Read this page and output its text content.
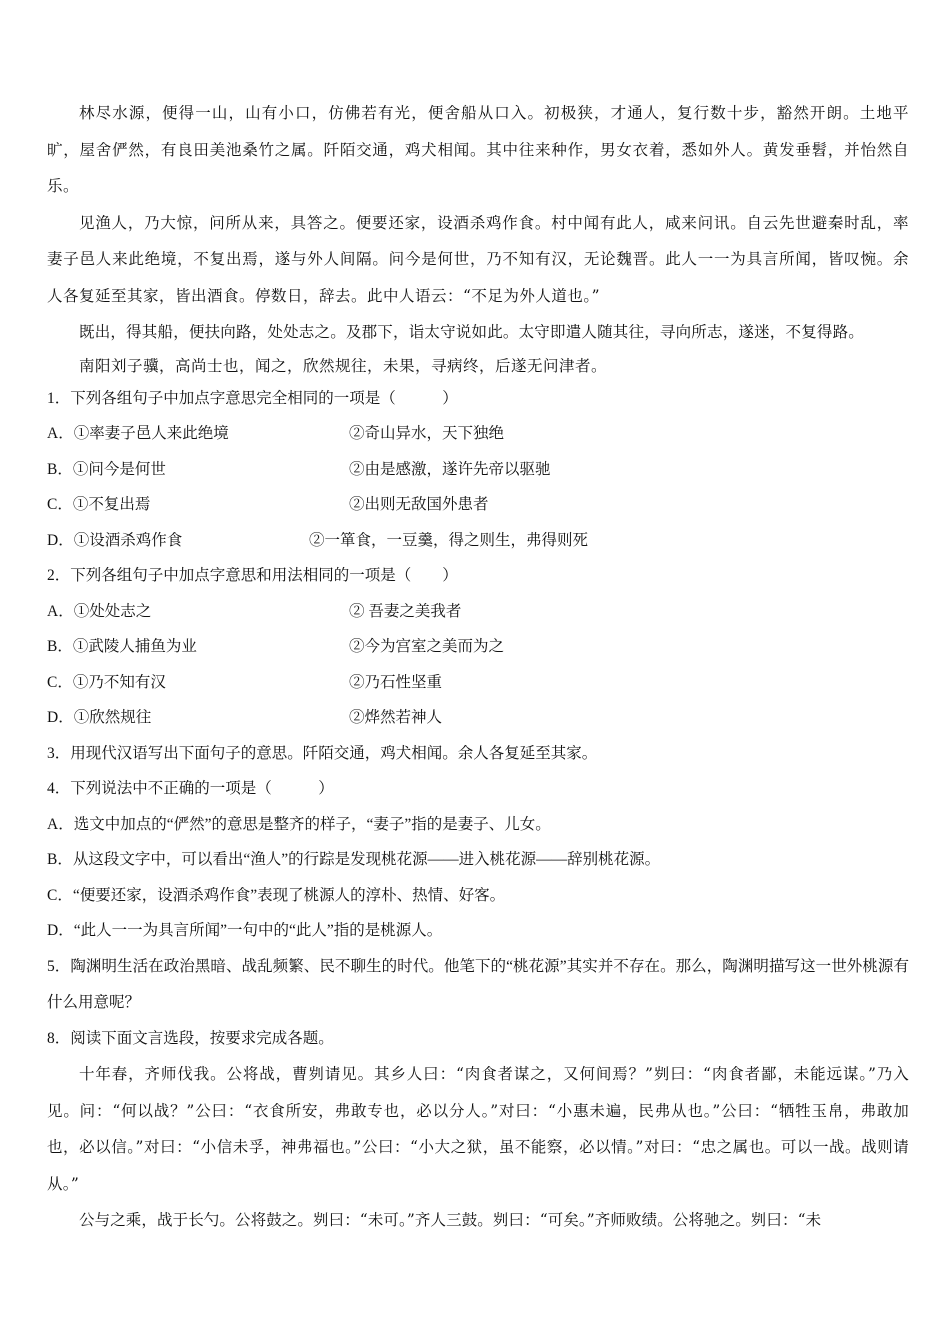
林尽水源，便得一山，山有小口，仿佛若有光，便舍船从口入。初极狭，才通人，复行数十步，豁然开朗。土地平旷，屋舍俨然，有良田美池桑竹之属。阡陌交通，鸡犬相闻。其中往来种作，男女衣着，悉如外人。黄发垂髫，并怡然自乐。

见渔人，乃大惊，问所从来，具答之。便要还家，设酒杀鸡作食。村中闻有此人，咸来问讯。自云先世避秦时乱，率妻子邑人来此绝境，不复出焉，遂与外人间隔。问今是何世，乃不知有汉，无论魏晋。此人一一为具言所闻，皆叹惋。余人各复延至其家，皆出酒食。停数日，辞去。此中人语云：“不足为外人道也。”

既出，得其船，便扶向路，处处志之。及郡下，诣太守说如此。太守即遣人随其往，寻向所志，遂迷，不复得路。

南阳刘子骥，高尚士也，闻之，欣然规往，未果，寻病终，后遂无问津者。

1．下列各组句子中加点字意思完全相同的一项是（　　　）
A．①率妻子邑人来此绝境	②奇山异水，天下独绝
B．①问今是何世	②由是感激，遂许先帝以驱驰
C．①不复出焉	②出则无敌国外患者
D．①设酒杀鸡作食	②一箪食，一豆羹，得之则生，弗得则死
2．下列各组句子中加点字意思和用法相同的一项是（　　）
A．①处处志之	② 吾妻之美我者
B．①武陵人捕鱼为业	②今为宫室之美而为之
C．①乃不知有汉	②乃石性坚重
D．①欣然规往	②烨然若神人
3．用现代汉语写出下面句子的意思。阡陌交通，鸡犬相闻。余人各复延至其家。
4．下列说法中不正确的一项是（　　　）
A．选文中加点的“俨然”的意思是整齐的样子，“妻子”指的是妻子、儿女。
B．从这段文字中，可以看出“渔人”的行踪是发现桃花源——进入桃花源——辞别桃花源。
C．“便要还家，设酒杀鸡作食”表现了桃源人的淳朴、热情、好客。
D．“此人一一为具言所闻”一句中的“此人”指的是桃源人。

5．陶渊明生活在政治黑暗、战乱频繁、民不聊生的时代。他笔下的“桃花源”其实并不存在。那么，陶渊明描写这一世外桃源有什么用意呢？

8．阅读下面文言选段，按要求完成各题。

十年春，齐师伐我。公将战，曹刿请见。其乡人曰：“肉食者谋之，又何间焉？”刿曰：“肉食者鄙，未能远谋。”乃入见。问：“何以战？”公曰：“衣食所安，弗敢专也，必以分人。”对曰：“小惠未遍，民弗从也。”公曰：“牺牲玉帛，弗敢加也，必以信。”对曰：“小信未孚，神弗福也。”公曰：“小大之狱，虽不能察，必以情。”对曰：“忠之属也。可以一战。战则请从。”

公与之乘，战于长勺。公将鼓之。刿曰：“未可。”齐人三鼓。刿曰：“可矣。”齐师败绩。公将驰之。刿曰：“未
